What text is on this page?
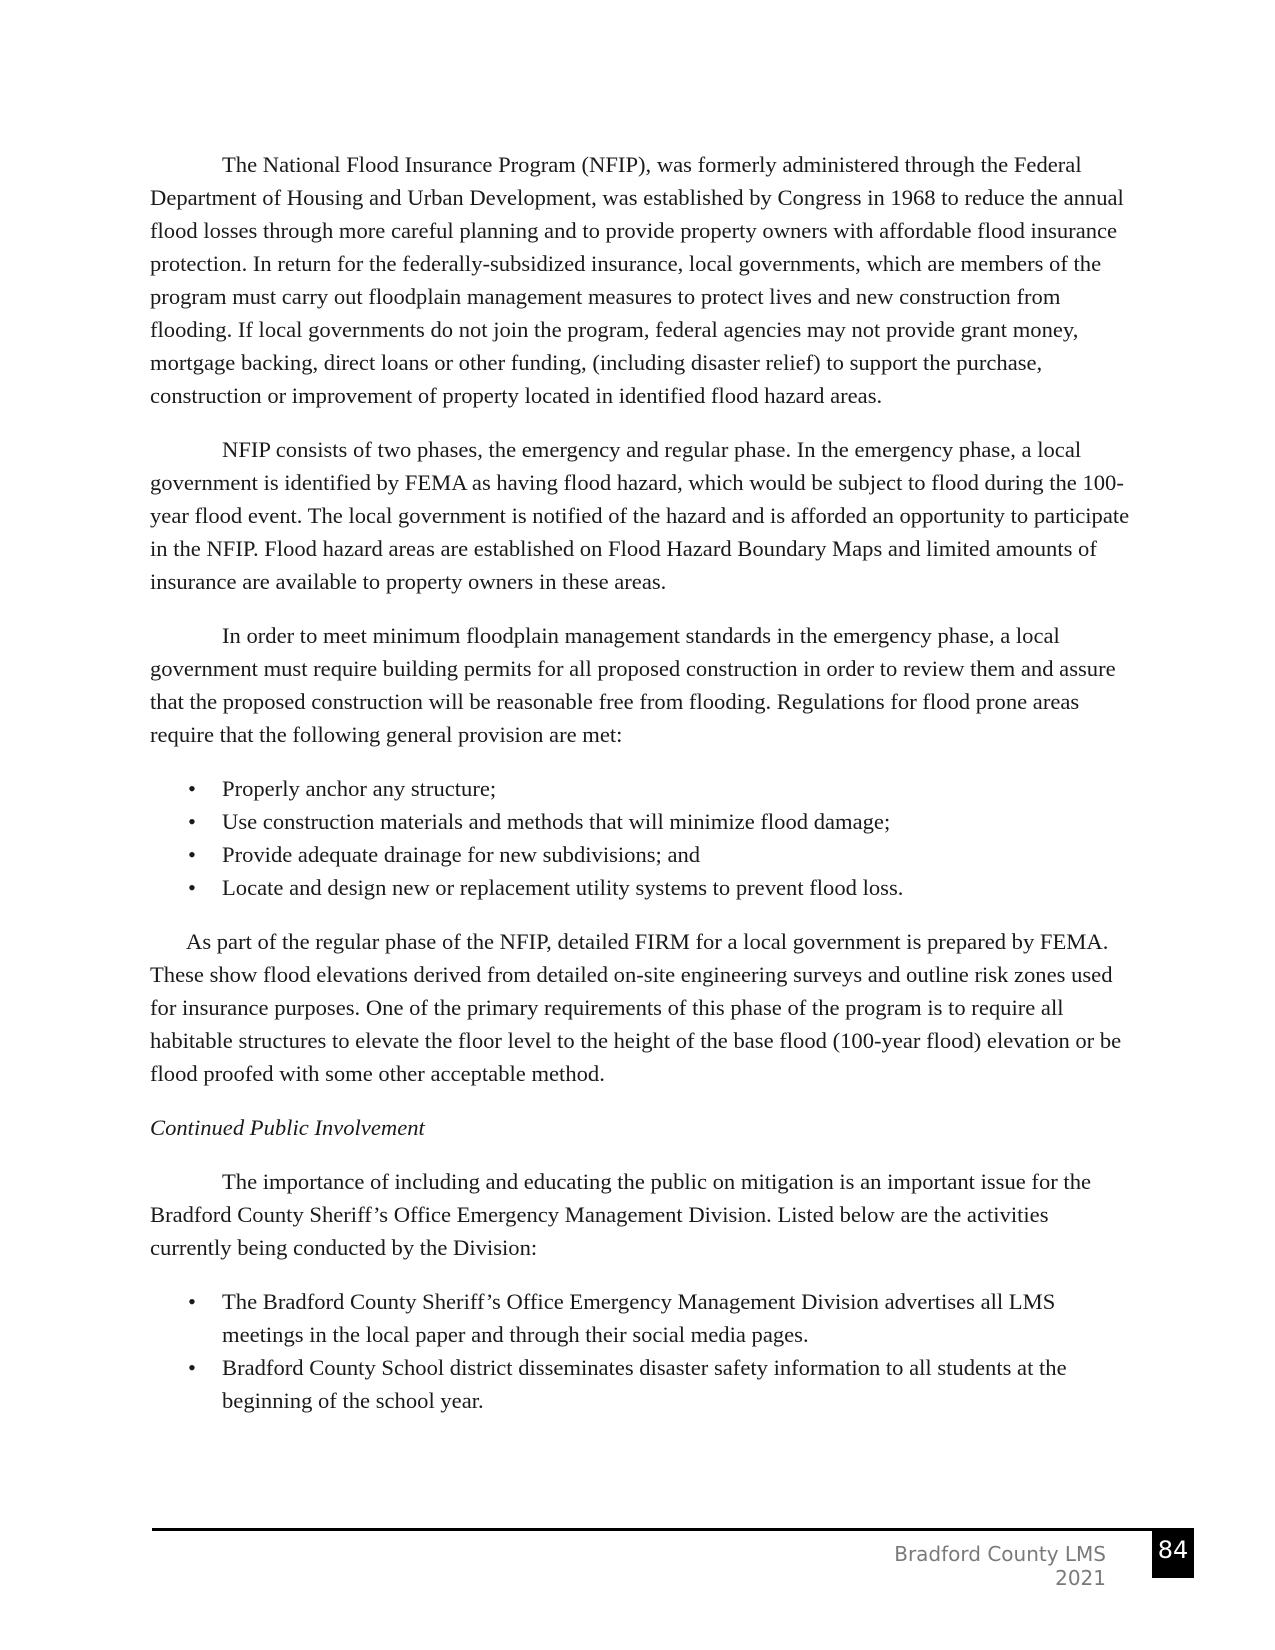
The National Flood Insurance Program (NFIP), was formerly administered through the Federal Department of Housing and Urban Development, was established by Congress in 1968 to reduce the annual flood losses through more careful planning and to provide property owners with affordable flood insurance protection. In return for the federally-subsidized insurance, local governments, which are members of the program must carry out floodplain management measures to protect lives and new construction from flooding. If local governments do not join the program, federal agencies may not provide grant money, mortgage backing, direct loans or other funding, (including disaster relief) to support the purchase, construction or improvement of property located in identified flood hazard areas.

NFIP consists of two phases, the emergency and regular phase. In the emergency phase, a local government is identified by FEMA as having flood hazard, which would be subject to flood during the 100-year flood event. The local government is notified of the hazard and is afforded an opportunity to participate in the NFIP. Flood hazard areas are established on Flood Hazard Boundary Maps and limited amounts of insurance are available to property owners in these areas.

In order to meet minimum floodplain management standards in the emergency phase, a local government must require building permits for all proposed construction in order to review them and assure that the proposed construction will be reasonable free from flooding. Regulations for flood prone areas require that the following general provision are met:

• Properly anchor any structure;
• Use construction materials and methods that will minimize flood damage;
• Provide adequate drainage for new subdivisions; and
• Locate and design new or replacement utility systems to prevent flood loss.

As part of the regular phase of the NFIP, detailed FIRM for a local government is prepared by FEMA. These show flood elevations derived from detailed on-site engineering surveys and outline risk zones used for insurance purposes. One of the primary requirements of this phase of the program is to require all habitable structures to elevate the floor level to the height of the base flood (100-year flood) elevation or be flood proofed with some other acceptable method.

Continued Public Involvement

The importance of including and educating the public on mitigation is an important issue for the Bradford County Sheriff’s Office Emergency Management Division. Listed below are the activities currently being conducted by the Division:

• The Bradford County Sheriff’s Office Emergency Management Division advertises all LMS meetings in the local paper and through their social media pages.
• Bradford County School district disseminates disaster safety information to all students at the beginning of the school year.
Bradford County LMS 2021
84
